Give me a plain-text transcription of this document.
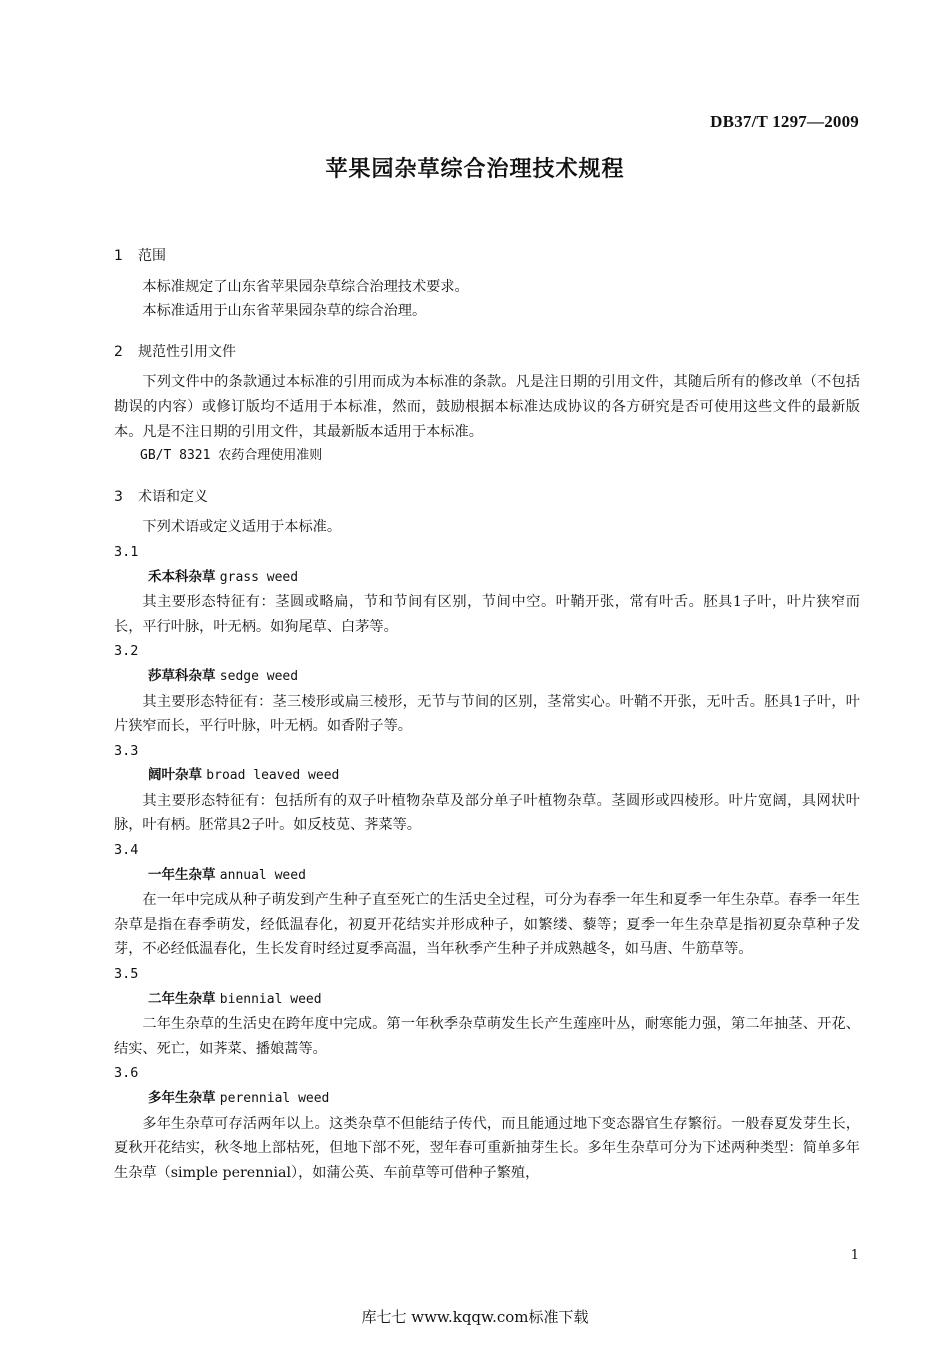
DB37/T 1297—2009
苹果园杂草综合治理技术规程
1 范围

本标准规定了山东省苹果园杂草综合治理技术要求。

本标准适用于山东省苹果园杂草的综合治理。

2 规范性引用文件

下列文件中的条款通过本标准的引用而成为本标准的条款。凡是注日期的引用文件，其随后所有的修改单（不包括勘误的内容）或修订版均不适用于本标准，然而，鼓励根据本标准达成协议的各方研究是否可使用这些文件的最新版本。凡是不注日期的引用文件，其最新版本适用于本标准。

GB/T 8321 农药合理使用准则

3 术语和定义

下列术语或定义适用于本标准。

3.1
禾本科杂草 grass weed

其主要形态特征有：茎圆或略扁，节和节间有区别，节间中空。叶鞘开张，常有叶舌。胚具1子叶，叶片狭窄而长，平行叶脉，叶无柄。如狗尾草、白茅等。

3.2
莎草科杂草 sedge weed

其主要形态特征有：茎三棱形或扁三棱形，无节与节间的区别，茎常实心。叶鞘不开张，无叶舌。胚具1子叶，叶片狭窄而长，平行叶脉，叶无柄。如香附子等。

3.3
阔叶杂草 broad leaved weed

其主要形态特征有：包括所有的双子叶植物杂草及部分单子叶植物杂草。茎圆形或四棱形。叶片宽阔，具网状叶脉，叶有柄。胚常具2子叶。如反枝苋、荠菜等。

3.4
一年生杂草 annual weed

在一年中完成从种子萌发到产生种子直至死亡的生活史全过程，可分为春季一年生和夏季一年生杂草。春季一年生杂草是指在春季萌发，经低温春化，初夏开花结实并形成种子，如繁缕、藜等；夏季一年生杂草是指初夏杂草种子发芽，不必经低温春化，生长发育时经过夏季高温，当年秋季产生种子并成熟越冬，如马唐、牛筋草等。

3.5
二年生杂草 biennial weed

二年生杂草的生活史在跨年度中完成。第一年秋季杂草萌发生长产生莲座叶丛，耐寒能力强，第二年抽茎、开花、结实、死亡，如荠菜、播娘蒿等。

3.6
多年生杂草 perennial weed

多年生杂草可存活两年以上。这类杂草不但能结子传代，而且能通过地下变态器官生存繁衍。一般春夏发芽生长，夏秋开花结实，秋冬地上部枯死，但地下部不死，翌年春可重新抽芽生长。多年生杂草可分为下述两种类型：简单多年生杂草（simple perennial），如蒲公英、车前草等可借种子繁殖，

1
库七七 www.kqqw.com标准下载
